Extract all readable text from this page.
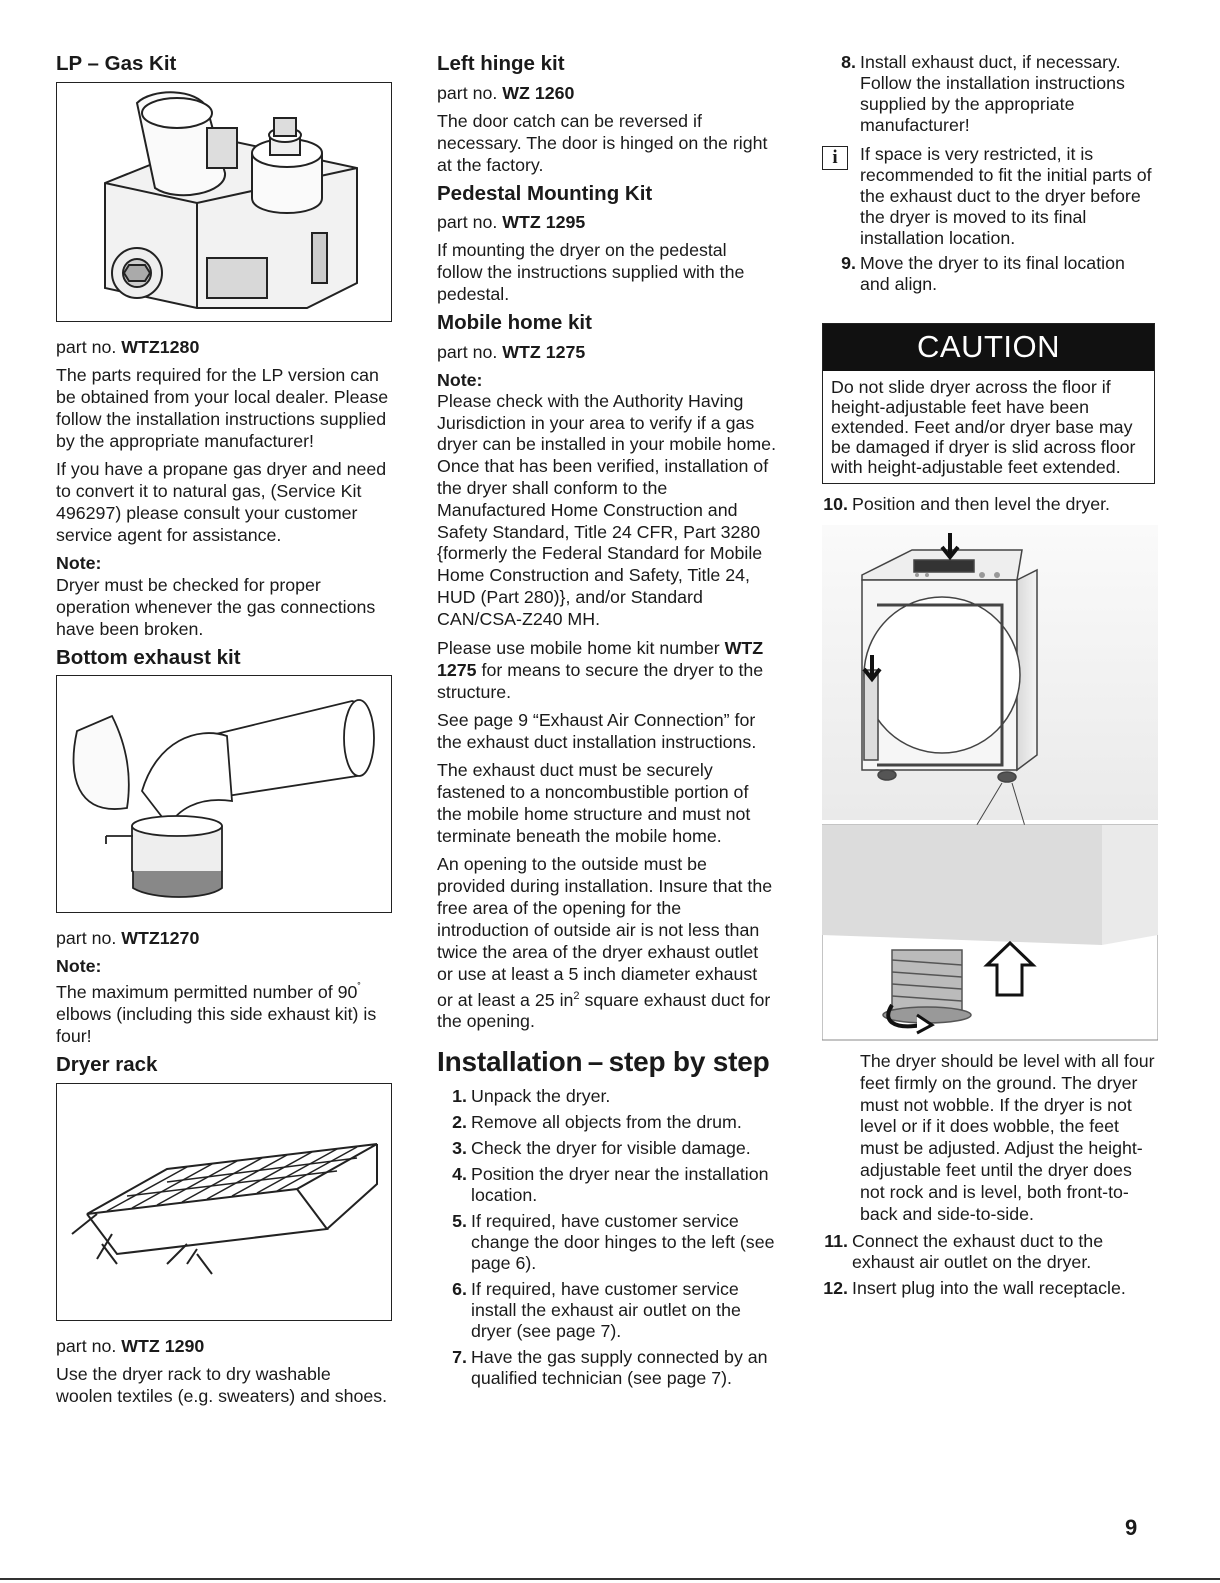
LP – Gas Kit

part no. WTZ1280

The parts required for the LP version can be obtained from your local dealer. Please follow the installation instructions supplied by the appropriate manufacturer!

If you have a propane gas dryer and need to convert it to natural gas, (Service Kit 496297) please consult your customer service agent for assistance.

Note:

Dryer must be checked for proper operation whenever the gas connections have been broken.

Bottom exhaust kit

part no. WTZ1270

Note:

The maximum permitted number of 90˚ elbows (including this side exhaust kit) is four!

Dryer rack

part no. WTZ 1290

Use the dryer rack to dry washable woolen textiles (e.g. sweaters) and shoes.

Left hinge kit

part no. WZ 1260

The door catch can be reversed if necessary. The door is hinged on the right at the factory.

Pedestal Mounting Kit

part no. WTZ 1295

If mounting the dryer on the pedestal follow the instructions supplied with the pedestal.

Mobile home kit

part no. WTZ 1275

Note:

Please check with the Authority Having Jurisdiction in your area to verify if a gas dryer can be installed in your mobile home. Once that has been verified, installation of the dryer shall conform to the Manufactured Home Construction and Safety Standard, Title 24 CFR, Part 3280 {formerly the Federal Standard for Mobile Home Construction and Safety, Title 24, HUD (Part 280)}, and/or Standard CAN/CSA-Z240 MH.

Please use mobile home kit number WTZ 1275 for means to secure the dryer to the structure.

See page 9 “Exhaust Air Connection” for the exhaust duct installation instructions.

The exhaust duct must be securely fastened to a noncombustible portion of the mobile home structure and must not terminate beneath the mobile home.

An opening to the outside must be provided during installation. Insure that the free area of the opening for the introduction of outside air is not less than twice the area of the dryer exhaust outlet or use at least a 5 inch diameter exhaust or at least a 25 $in^2$ square exhaust duct for the opening.

Installation – step by step
1. Unpack the dryer.
2. Remove all objects from the drum.
3. Check the dryer for visible damage.
4. Position the dryer near the installation location.
5. If required, have customer service change the door hinges to the left (see page 6).
6. If required, have customer service install the exhaust air outlet on the dryer (see page 7).
7. Have the gas supply connected by an qualified technician (see page 7).
8. Install exhaust duct, if necessary. Follow the installation instructions supplied by the appropriate manufacturer!
i	If space is very restricted, it is recommended to fit the initial parts of the exhaust duct to the dryer before the dryer is moved to its final installation location.

9. Move the dryer to its final location and align.
CAUTION
Do not slide dryer across the floor if height-adjustable feet have been extended. Feet and/or dryer base may be damaged if dryer is slid across floor with height-adjustable feet extended.
10. Position and then level the dryer.

The dryer should be level with all four feet firmly on the ground. The dryer must not wobble. If the dryer is not level or if it does wobble, the feet must be adjusted. Adjust the height-adjustable feet until the dryer does not rock and is level, both front-to-back and side-to-side.

11. Connect the exhaust duct to the exhaust air outlet on the dryer.
12. Insert plug into the wall receptacle.
9
